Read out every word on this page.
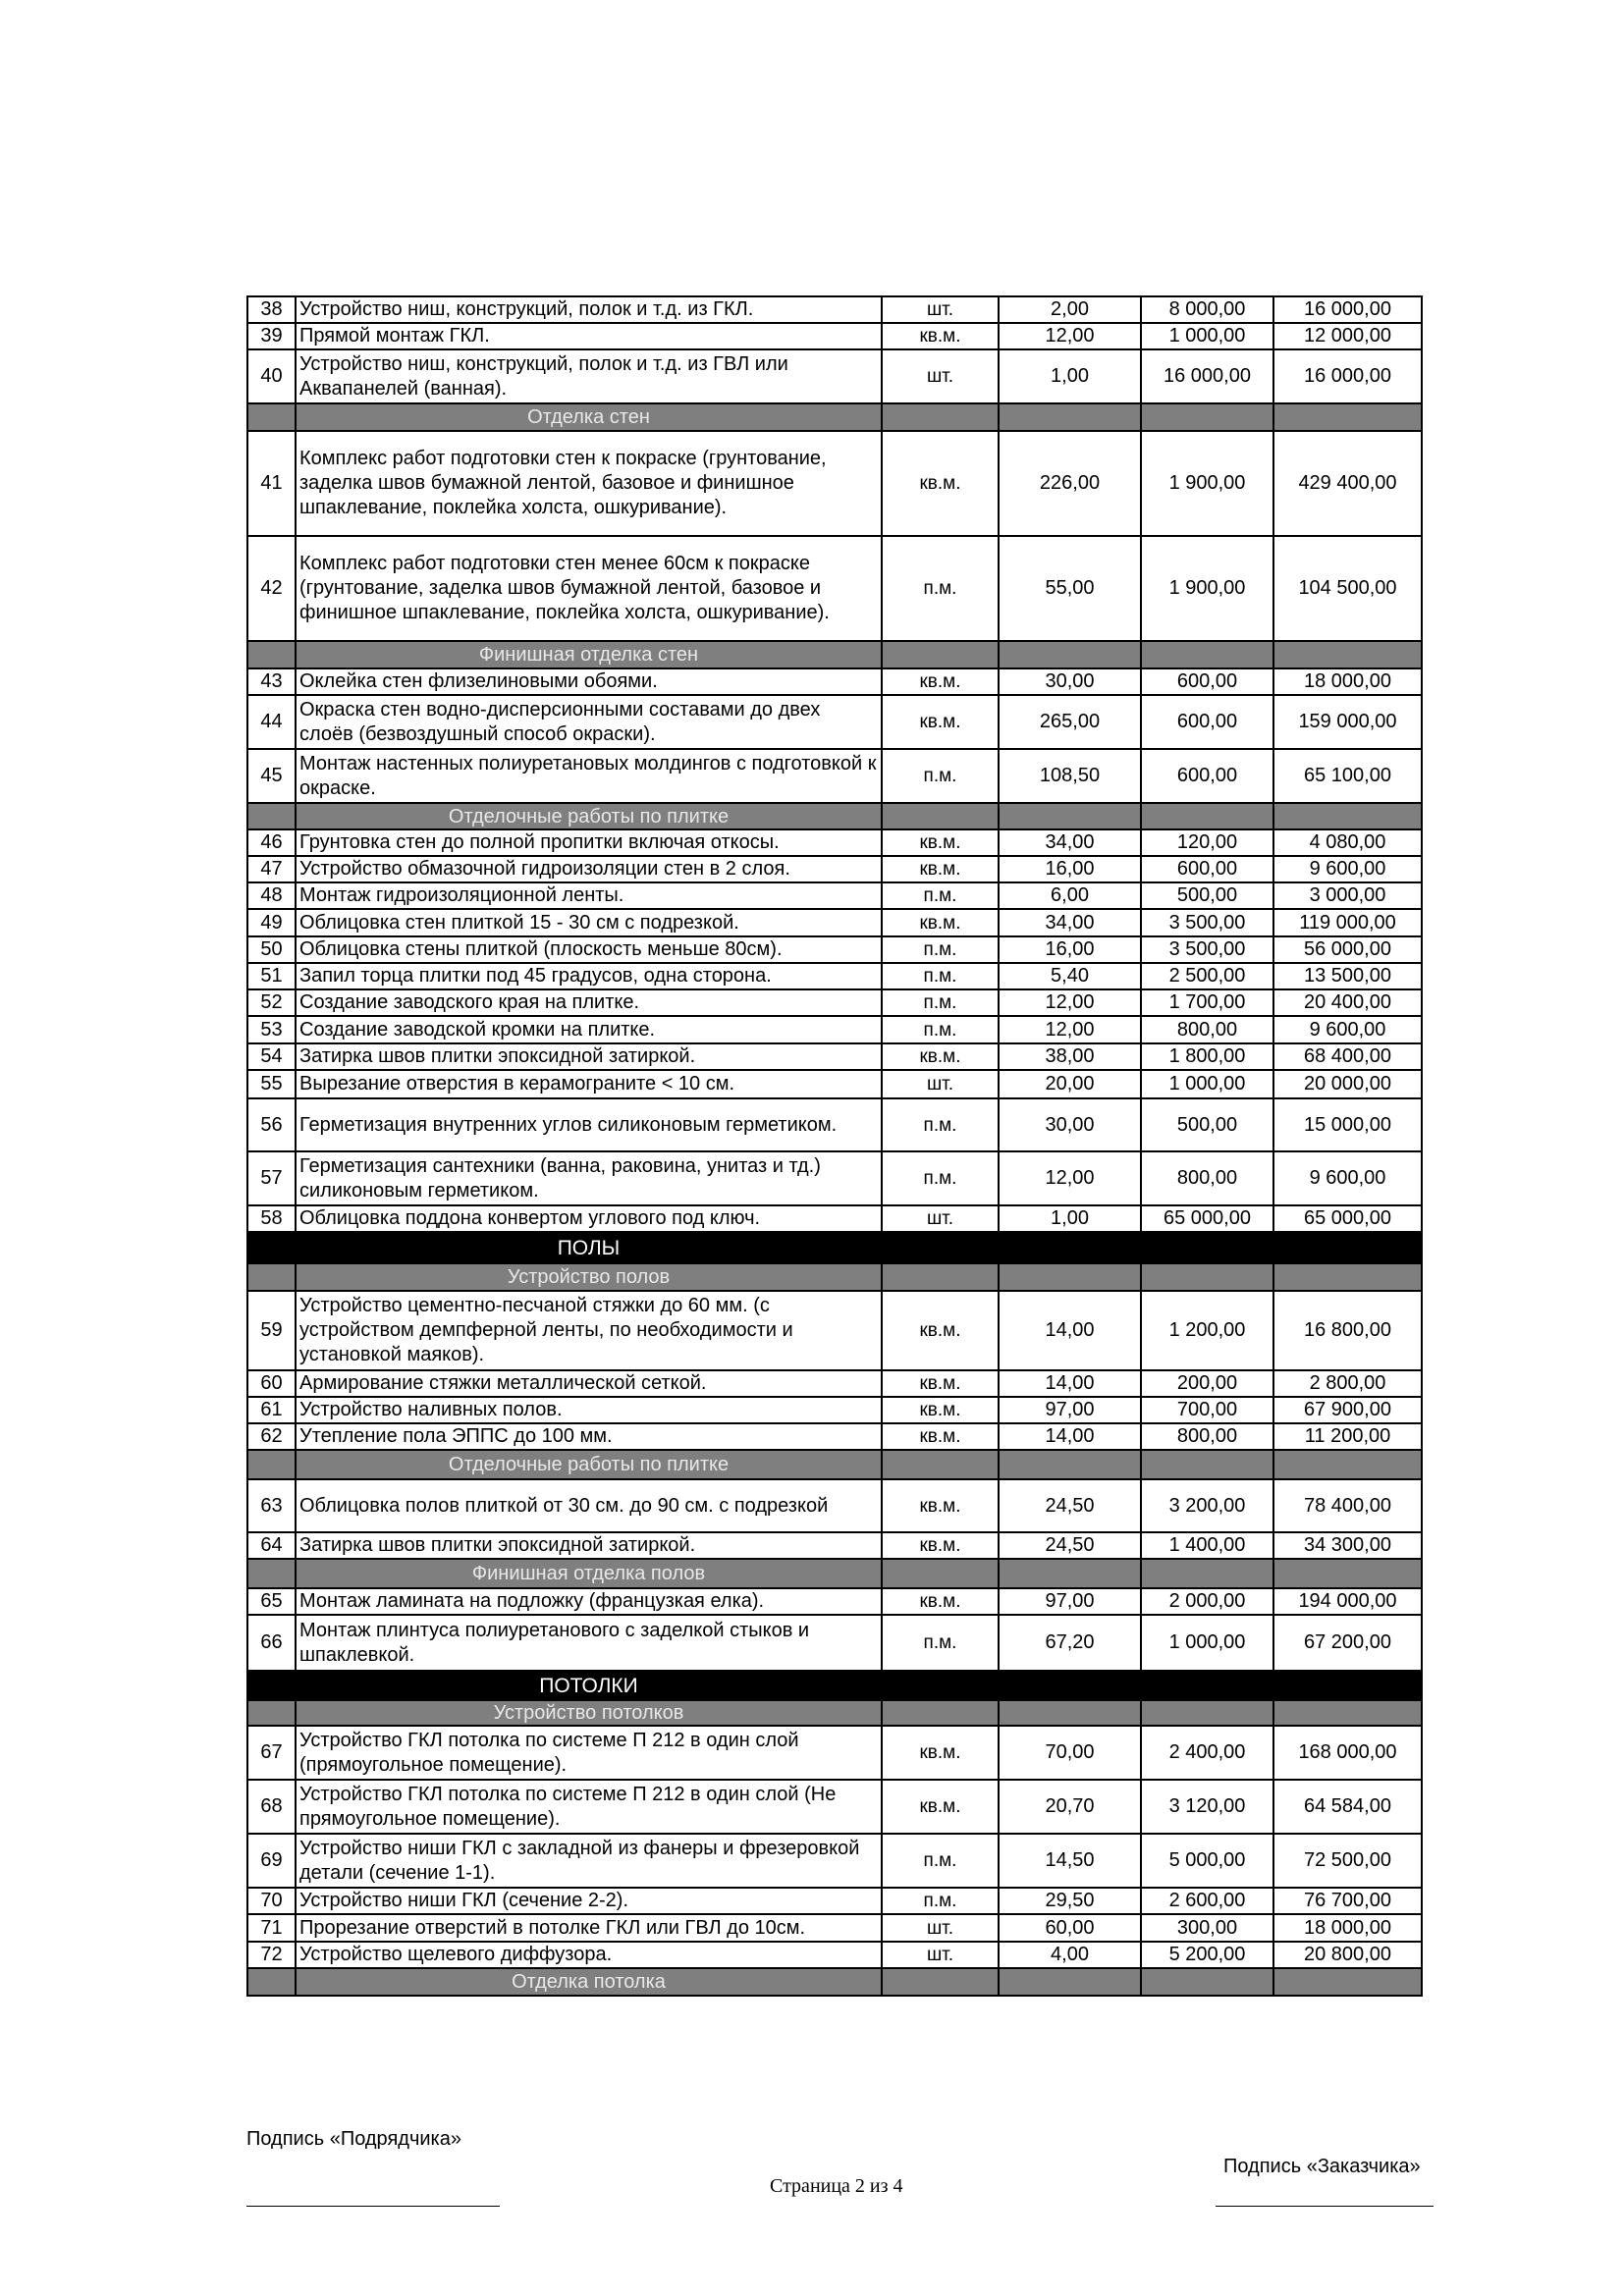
38	Устройство ниш, конструкций, полок и т.д. из ГКЛ.	шт.	2,00	8 000,00	16 000,00
39	Прямой монтаж ГКЛ.	кв.м.	12,00	1 000,00	12 000,00
40	Устройство ниш, конструкций, полок и т.д. из ГВЛ или Аквапанелей (ванная).	шт.	1,00	16 000,00	16 000,00
	Отделка стен				
41	Комплекс работ подготовки стен к покраске (грунтование, заделка швов бумажной лентой, базовое и финишное шпаклевание, поклейка холста, ошкуривание).	кв.м.	226,00	1 900,00	429 400,00
42	Комплекс работ подготовки стен менее 60см к покраске (грунтование, заделка швов бумажной лентой, базовое и финишное шпаклевание, поклейка холста, ошкуривание).	п.м.	55,00	1 900,00	104 500,00
	Финишная отделка стен				
43	Оклейка стен флизелиновыми обоями.	кв.м.	30,00	600,00	18 000,00
44	Окраска стен водно-дисперсионными составами до двех слоёв (безвоздушный способ окраски).	кв.м.	265,00	600,00	159 000,00
45	Монтаж настенных полиуретановых молдингов с подготовкой к окраске.	п.м.	108,50	600,00	65 100,00
	Отделочные работы по плитке				
46	Грунтовка стен до полной пропитки включая откосы.	кв.м.	34,00	120,00	4 080,00
47	Устройство обмазочной гидроизоляции стен в 2 слоя.	кв.м.	16,00	600,00	9 600,00
48	Монтаж гидроизоляционной ленты.	п.м.	6,00	500,00	3 000,00
49	Облицовка стен плиткой 15 - 30 см с подрезкой.	кв.м.	34,00	3 500,00	119 000,00
50	Облицовка стены плиткой (плоскость меньше 80см).	п.м.	16,00	3 500,00	56 000,00
51	Запил торца плитки под 45 градусов, одна сторона.	п.м.	5,40	2 500,00	13 500,00
52	Создание заводского края на плитке.	п.м.	12,00	1 700,00	20 400,00
53	Создание заводской кромки на плитке.	п.м.	12,00	800,00	9 600,00
54	Затирка швов плитки эпоксидной затиркой.	кв.м.	38,00	1 800,00	68 400,00
55	Вырезание отверстия в керамограните < 10 см.	шт.	20,00	1 000,00	20 000,00
56	Герметизация внутренних углов силиконовым герметиком.	п.м.	30,00	500,00	15 000,00
57	Герметизация сантехники (ванна, раковина, унитаз и тд.) силиконовым герметиком.	п.м.	12,00	800,00	9 600,00
58	Облицовка поддона конвертом углового под ключ.	шт.	1,00	65 000,00	65 000,00
	ПОЛЫ				
	Устройство полов				
59	Устройство цементно-песчаной стяжки до 60 мм. (с устройством демпферной ленты, по необходимости и установкой маяков).	кв.м.	14,00	1 200,00	16 800,00
60	Армирование стяжки металлической сеткой.	кв.м.	14,00	200,00	2 800,00
61	Устройство наливных полов.	кв.м.	97,00	700,00	67 900,00
62	Утепление пола ЭППС до 100 мм.	кв.м.	14,00	800,00	11 200,00
	Отделочные работы по плитке				
63	Облицовка полов плиткой от 30 см. до 90 см. с подрезкой	кв.м.	24,50	3 200,00	78 400,00
64	Затирка швов плитки эпоксидной затиркой.	кв.м.	24,50	1 400,00	34 300,00
	Финишная отделка полов				
65	Монтаж ламината на подложку (французкая елка).	кв.м.	97,00	2 000,00	194 000,00
66	Монтаж плинтуса полиуретанового с заделкой стыков и шпаклевкой.	п.м.	67,20	1 000,00	67 200,00
	ПОТОЛКИ				
	Устройство потолков				
67	Устройство ГКЛ потолка по системе П 212 в один слой (прямоугольное помещение).	кв.м.	70,00	2 400,00	168 000,00
68	Устройство ГКЛ потолка по системе П 212 в один слой (Не прямоугольное помещение).	кв.м.	20,70	3 120,00	64 584,00
69	Устройство ниши ГКЛ с закладной из фанеры и фрезеровкой детали (сечение 1-1).	п.м.	14,50	5 000,00	72 500,00
70	Устройство ниши ГКЛ (сечение 2-2).	п.м.	29,50	2 600,00	76 700,00
71	Прорезание отверстий в потолке ГКЛ или ГВЛ до 10см.	шт.	60,00	300,00	18 000,00
72	Устройство щелевого диффузора.	шт.	4,00	5 200,00	20 800,00
	Отделка потолка				
Подпись «Подрядчика»
Страница 2 из 4
Подпись «Заказчика»
